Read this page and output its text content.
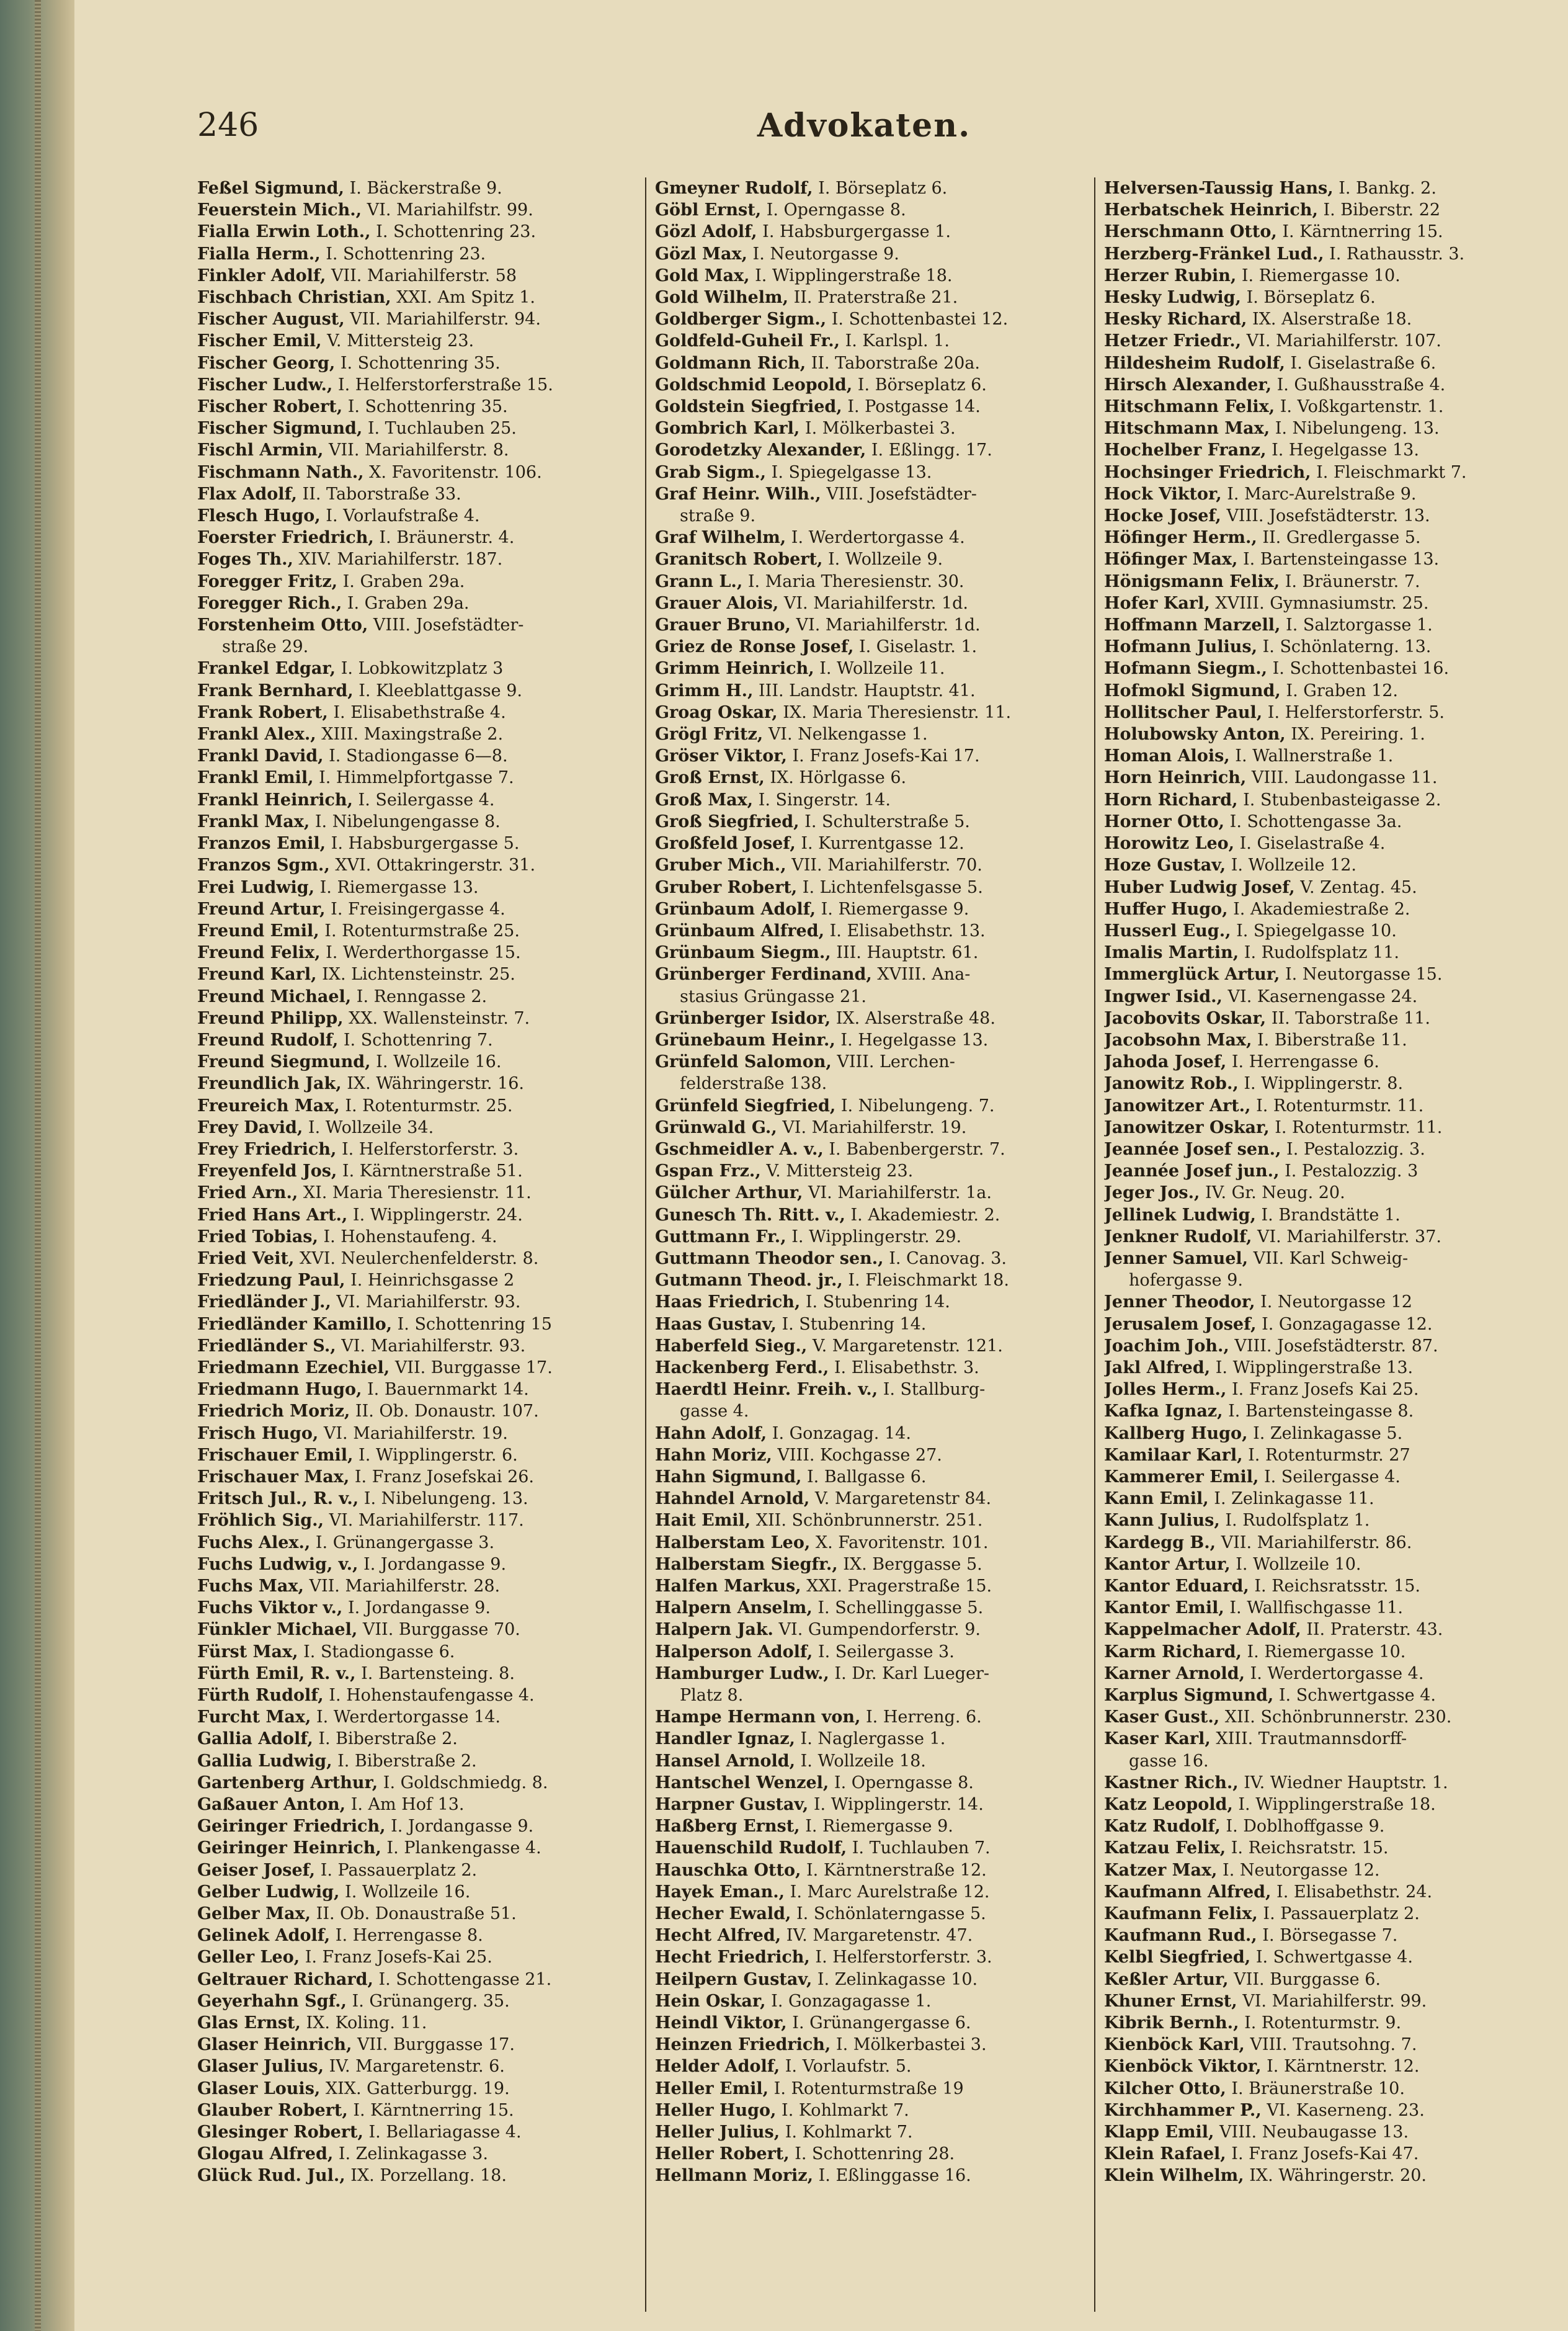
246	Advokaten.
Feßel Sigmund, I. Bäckerstraße 9.
Feuerstein Mich., VI. Mariahilfstr. 99.
Fialla Erwin Loth., I. Schottenring 23.
Fialla Herm., I. Schottenring 23.
Finkler Adolf, VII. Mariahilferstr. 58
Fischbach Christian, XXI. Am Spitz 1.
Fischer August, VII. Mariahilferstr. 94.
Fischer Emil, V. Mittersteig 23.
Fischer Georg, I. Schottenring 35.
Fischer Ludw., I. Helferstorferstraße 15.
Fischer Robert, I. Schottenring 35.
Fischer Sigmund, I. Tuchlauben 25.
Fischl Armin, VII. Mariahilferstr. 8.
Fischmann Nath., X. Favoritenstr. 106.
Flax Adolf, II. Taborstraße 33.
Flesch Hugo, I. Vorlaufstraße 4.
Foerster Friedrich, I. Bräunerstr. 4.
Foges Th., XIV. Mariahilferstr. 187.
Foregger Fritz, I. Graben 29a.
Foregger Rich., I. Graben 29a.
Forstenheim Otto, VIII. Josefstädter-
straße 29.
Frankel Edgar, I. Lobkowitzplatz 3
Frank Bernhard, I. Kleeblattgasse 9.
Frank Robert, I. Elisabethstraße 4.
Frankl Alex., XIII. Maxingstraße 2.
Frankl David, I. Stadiongasse 6—8.
Frankl Emil, I. Himmelpfortgasse 7.
Frankl Heinrich, I. Seilergasse 4.
Frankl Max, I. Nibelungengasse 8.
Franzos Emil, I. Habsburgergasse 5.
Franzos Sgm., XVI. Ottakringerstr. 31.
Frei Ludwig, I. Riemergasse 13.
Freund Artur, I. Freisingergasse 4.
Freund Emil, I. Rotenturmstraße 25.
Freund Felix, I. Werderthorgasse 15.
Freund Karl, IX. Lichtensteinstr. 25.
Freund Michael, I. Renngasse 2.
Freund Philipp, XX. Wallensteinstr. 7.
Freund Rudolf, I. Schottenring 7.
Freund Siegmund, I. Wollzeile 16.
Freundlich Jak, IX. Währingerstr. 16.
Freureich Max, I. Rotenturmstr. 25.
Frey David, I. Wollzeile 34.
Frey Friedrich, I. Helferstorferstr. 3.
Freyenfeld Jos, I. Kärntnerstraße 51.
Fried Arn., XI. Maria Theresienstr. 11.
Fried Hans Art., I. Wipplingerstr. 24.
Fried Tobias, I. Hohenstaufeng. 4.
Fried Veit, XVI. Neulerchenfelderstr. 8.
Friedzung Paul, I. Heinrichsgasse 2
Friedländer J., VI. Mariahilferstr. 93.
Friedländer Kamillo, I. Schottenring 15
Friedländer S., VI. Mariahilferstr. 93.
Friedmann Ezechiel, VII. Burggasse 17.
Friedmann Hugo, I. Bauernmarkt 14.
Friedrich Moriz, II. Ob. Donaustr. 107.
Frisch Hugo, VI. Mariahilferstr. 19.
Frischauer Emil, I. Wipplingerstr. 6.
Frischauer Max, I. Franz Josefskai 26.
Fritsch Jul., R. v., I. Nibelungeng. 13.
Fröhlich Sig., VI. Mariahilferstr. 117.
Fuchs Alex., I. Grünangergasse 3.
Fuchs Ludwig, v., I. Jordangasse 9.
Fuchs Max, VII. Mariahilferstr. 28.
Fuchs Viktor v., I. Jordangasse 9.
Fünkler Michael, VII. Burggasse 70.
Fürst Max, I. Stadiongasse 6.
Fürth Emil, R. v., I. Bartensteing. 8.
Fürth Rudolf, I. Hohenstaufengasse 4.
Furcht Max, I. Werdertorgasse 14.
Gallia Adolf, I. Biberstraße 2.
Gallia Ludwig, I. Biberstraße 2.
Gartenberg Arthur, I. Goldschmiedg. 8.
Gaßauer Anton, I. Am Hof 13.
Geiringer Friedrich, I. Jordangasse 9.
Geiringer Heinrich, I. Plankengasse 4.
Geiser Josef, I. Passauerplatz 2.
Gelber Ludwig, I. Wollzeile 16.
Gelber Max, II. Ob. Donaustraße 51.
Gelinek Adolf, I. Herrengasse 8.
Geller Leo, I. Franz Josefs-Kai 25.
Geltrauer Richard, I. Schottengasse 21.
Geyerhahn Sgf., I. Grünangerg. 35.
Glas Ernst, IX. Koling. 11.
Glaser Heinrich, VII. Burggasse 17.
Glaser Julius, IV. Margaretenstr. 6.
Glaser Louis, XIX. Gatterburgg. 19.
Glauber Robert, I. Kärntnerring 15.
Glesinger Robert, I. Bellariagasse 4.
Glogau Alfred, I. Zelinkagasse 3.
Glück Rud. Jul., IX. Porzellang. 18.
Gmeyner Rudolf, I. Börseplatz 6.
Göbl Ernst, I. Operngasse 8.
Gözl Adolf, I. Habsburgergasse 1.
Gözl Max, I. Neutorgasse 9.
Gold Max, I. Wipplingerstraße 18.
Gold Wilhelm, II. Praterstraße 21.
Goldberger Sigm., I. Schottenbastei 12.
Goldfeld-Guheil Fr., I. Karlspl. 1.
Goldmann Rich, II. Taborstraße 20a.
Goldschmid Leopold, I. Börseplatz 6.
Goldstein Siegfried, I. Postgasse 14.
Gombrich Karl, I. Mölkerbastei 3.
Gorodetzky Alexander, I. Eßlingg. 17.
Grab Sigm., I. Spiegelgasse 13.
Graf Heinr. Wilh., VIII. Josefstädter-
straße 9.
Graf Wilhelm, I. Werdertorgasse 4.
Granitsch Robert, I. Wollzeile 9.
Grann L., I. Maria Theresienstr. 30.
Grauer Alois, VI. Mariahilferstr. 1d.
Grauer Bruno, VI. Mariahilferstr. 1d.
Griez de Ronse Josef, I. Giselastr. 1.
Grimm Heinrich, I. Wollzeile 11.
Grimm H., III. Landstr. Hauptstr. 41.
Groag Oskar, IX. Maria Theresienstr. 11.
Grögl Fritz, VI. Nelkengasse 1.
Gröser Viktor, I. Franz Josefs-Kai 17.
Groß Ernst, IX. Hörlgasse 6.
Groß Max, I. Singerstr. 14.
Groß Siegfried, I. Schulterstraße 5.
Großfeld Josef, I. Kurrentgasse 12.
Gruber Mich., VII. Mariahilferstr. 70.
Gruber Robert, I. Lichtenfelsgasse 5.
Grünbaum Adolf, I. Riemergasse 9.
Grünbaum Alfred, I. Elisabethstr. 13.
Grünbaum Siegm., III. Hauptstr. 61.
Grünberger Ferdinand, XVIII. Ana-
stasius Grüngasse 21.
Grünberger Isidor, IX. Alserstraße 48.
Grünebaum Heinr., I. Hegelgasse 13.
Grünfeld Salomon, VIII. Lerchen-
felderstraße 138.
Grünfeld Siegfried, I. Nibelungeng. 7.
Grünwald G., VI. Mariahilferstr. 19.
Gschmeidler A. v., I. Babenbergerstr. 7.
Gspan Frz., V. Mittersteig 23.
Gülcher Arthur, VI. Mariahilferstr. 1a.
Gunesch Th. Ritt. v., I. Akademiestr. 2.
Guttmann Fr., I. Wipplingerstr. 29.
Guttmann Theodor sen., I. Canovag. 3.
Gutmann Theod. jr., I. Fleischmarkt 18.
Haas Friedrich, I. Stubenring 14.
Haas Gustav, I. Stubenring 14.
Haberfeld Sieg., V. Margaretenstr. 121.
Hackenberg Ferd., I. Elisabethstr. 3.
Haerdtl Heinr. Freih. v., I. Stallburg-
gasse 4.
Hahn Adolf, I. Gonzagag. 14.
Hahn Moriz, VIII. Kochgasse 27.
Hahn Sigmund, I. Ballgasse 6.
Hahndel Arnold, V. Margaretenstr 84.
Hait Emil, XII. Schönbrunnerstr. 251.
Halberstam Leo, X. Favoritenstr. 101.
Halberstam Siegfr., IX. Berggasse 5.
Halfen Markus, XXI. Pragerstraße 15.
Halpern Anselm, I. Schellinggasse 5.
Halpern Jak. VI. Gumpendorferstr. 9.
Halperson Adolf, I. Seilergasse 3.
Hamburger Ludw., I. Dr. Karl Lueger-
Platz 8.
Hampe Hermann von, I. Herreng. 6.
Handler Ignaz, I. Naglergasse 1.
Hansel Arnold, I. Wollzeile 18.
Hantschel Wenzel, I. Operngasse 8.
Harpner Gustav, I. Wipplingerstr. 14.
Haßberg Ernst, I. Riemergasse 9.
Hauenschild Rudolf, I. Tuchlauben 7.
Hauschka Otto, I. Kärntnerstraße 12.
Hayek Eman., I. Marc Aurelstraße 12.
Hecher Ewald, I. Schönlaterngasse 5.
Hecht Alfred, IV. Margaretenstr. 47.
Hecht Friedrich, I. Helferstorferstr. 3.
Heilpern Gustav, I. Zelinkagasse 10.
Hein Oskar, I. Gonzagagasse 1.
Heindl Viktor, I. Grünangergasse 6.
Heinzen Friedrich, I. Mölkerbastei 3.
Helder Adolf, I. Vorlaufstr. 5.
Heller Emil, I. Rotenturmstraße 19
Heller Hugo, I. Kohlmarkt 7.
Heller Julius, I. Kohlmarkt 7.
Heller Robert, I. Schottenring 28.
Hellmann Moriz, I. Eßlinggasse 16.
Helversen-Taussig Hans, I. Bankg. 2.
Herbatschek Heinrich, I. Biberstr. 22
Herschmann Otto, I. Kärntnerring 15.
Herzberg-Fränkel Lud., I. Rathausstr. 3.
Herzer Rubin, I. Riemergasse 10.
Hesky Ludwig, I. Börseplatz 6.
Hesky Richard, IX. Alserstraße 18.
Hetzer Friedr., VI. Mariahilferstr. 107.
Hildesheim Rudolf, I. Giselastraße 6.
Hirsch Alexander, I. Gußhausstraße 4.
Hitschmann Felix, I. Voßkgartenstr. 1.
Hitschmann Max, I. Nibelungeng. 13.
Hochelber Franz, I. Hegelgasse 13.
Hochsinger Friedrich, I. Fleischmarkt 7.
Hock Viktor, I. Marc-Aurelstraße 9.
Hocke Josef, VIII. Josefstädterstr. 13.
Höfinger Herm., II. Gredlergasse 5.
Höfinger Max, I. Bartensteingasse 13.
Hönigsmann Felix, I. Bräunerstr. 7.
Hofer Karl, XVIII. Gymnasiumstr. 25.
Hoffmann Marzell, I. Salztorgasse 1.
Hofmann Julius, I. Schönlaterng. 13.
Hofmann Siegm., I. Schottenbastei 16.
Hofmokl Sigmund, I. Graben 12.
Hollitscher Paul, I. Helferstorferstr. 5.
Holubowsky Anton, IX. Pereiring. 1.
Homan Alois, I. Wallnerstraße 1.
Horn Heinrich, VIII. Laudongasse 11.
Horn Richard, I. Stubenbasteigasse 2.
Horner Otto, I. Schottengasse 3a.
Horowitz Leo, I. Giselastraße 4.
Hoze Gustav, I. Wollzeile 12.
Huber Ludwig Josef, V. Zentag. 45.
Huffer Hugo, I. Akademiestraße 2.
Husserl Eug., I. Spiegelgasse 10.
Imalis Martin, I. Rudolfsplatz 11.
Immerglück Artur, I. Neutorgasse 15.
Ingwer Isid., VI. Kasernengasse 24.
Jacobovits Oskar, II. Taborstraße 11.
Jacobsohn Max, I. Biberstraße 11.
Jahoda Josef, I. Herrengasse 6.
Janowitz Rob., I. Wipplingerstr. 8.
Janowitzer Art., I. Rotenturmstr. 11.
Janowitzer Oskar, I. Rotenturmstr. 11.
Jeannée Josef sen., I. Pestalozzig. 3.
Jeannée Josef jun., I. Pestalozzig. 3
Jeger Jos., IV. Gr. Neug. 20.
Jellinek Ludwig, I. Brandstätte 1.
Jenkner Rudolf, VI. Mariahilferstr. 37.
Jenner Samuel, VII. Karl Schweig-
hofergasse 9.
Jenner Theodor, I. Neutorgasse 12
Jerusalem Josef, I. Gonzagagasse 12.
Joachim Joh., VIII. Josefstädterstr. 87.
Jakl Alfred, I. Wipplingerstraße 13.
Jolles Herm., I. Franz Josefs Kai 25.
Kafka Ignaz, I. Bartensteingasse 8.
Kallberg Hugo, I. Zelinkagasse 5.
Kamilaar Karl, I. Rotenturmstr. 27
Kammerer Emil, I. Seilergasse 4.
Kann Emil, I. Zelinkagasse 11.
Kann Julius, I. Rudolfsplatz 1.
Kardegg B., VII. Mariahilferstr. 86.
Kantor Artur, I. Wollzeile 10.
Kantor Eduard, I. Reichsratsstr. 15.
Kantor Emil, I. Wallfischgasse 11.
Kappelmacher Adolf, II. Praterstr. 43.
Karm Richard, I. Riemergasse 10.
Karner Arnold, I. Werdertorgasse 4.
Karplus Sigmund, I. Schwertgasse 4.
Kaser Gust., XII. Schönbrunnerstr. 230.
Kaser Karl, XIII. Trautmannsdorff-
gasse 16.
Kastner Rich., IV. Wiedner Hauptstr. 1.
Katz Leopold, I. Wipplingerstraße 18.
Katz Rudolf, I. Doblhoffgasse 9.
Katzau Felix, I. Reichsratstr. 15.
Katzer Max, I. Neutorgasse 12.
Kaufmann Alfred, I. Elisabethstr. 24.
Kaufmann Felix, I. Passauerplatz 2.
Kaufmann Rud., I. Börsegasse 7.
Kelbl Siegfried, I. Schwertgasse 4.
Keßler Artur, VII. Burggasse 6.
Khuner Ernst, VI. Mariahilferstr. 99.
Kibrik Bernh., I. Rotenturmstr. 9.
Kienböck Karl, VIII. Trautsohng. 7.
Kienböck Viktor, I. Kärntnerstr. 12.
Kilcher Otto, I. Bräunerstraße 10.
Kirchhammer P., VI. Kaserneng. 23.
Klapp Emil, VIII. Neubaugasse 13.
Klein Rafael, I. Franz Josefs-Kai 47.
Klein Wilhelm, IX. Währingerstr. 20.
